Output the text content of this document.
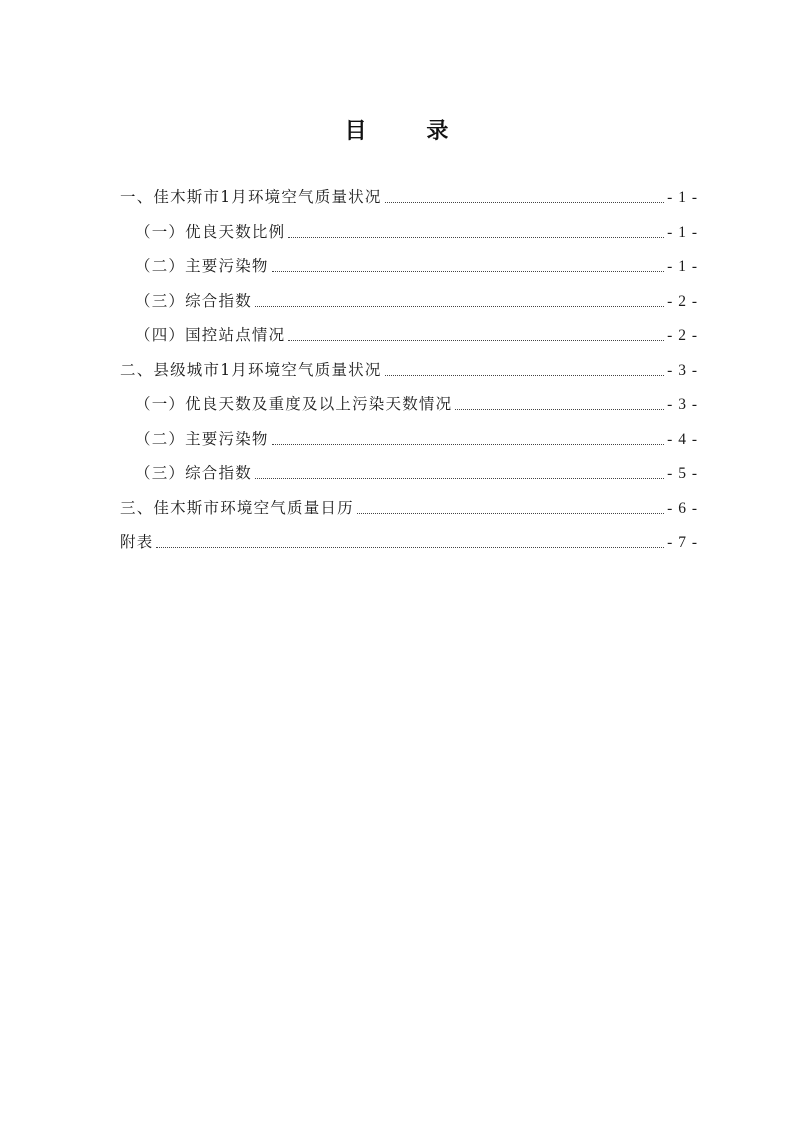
目 录
一、佳木斯市1月环境空气质量状况	- 1 -
（一）优良天数比例	- 1 -
（二）主要污染物	- 1 -
（三）综合指数	- 2 -
（四）国控站点情况	- 2 -
二、县级城市1月环境空气质量状况	- 3 -
（一）优良天数及重度及以上污染天数情况	- 3 -
（二）主要污染物	- 4 -
（三）综合指数	- 5 -
三、佳木斯市环境空气质量日历	- 6 -
附表	- 7 -
